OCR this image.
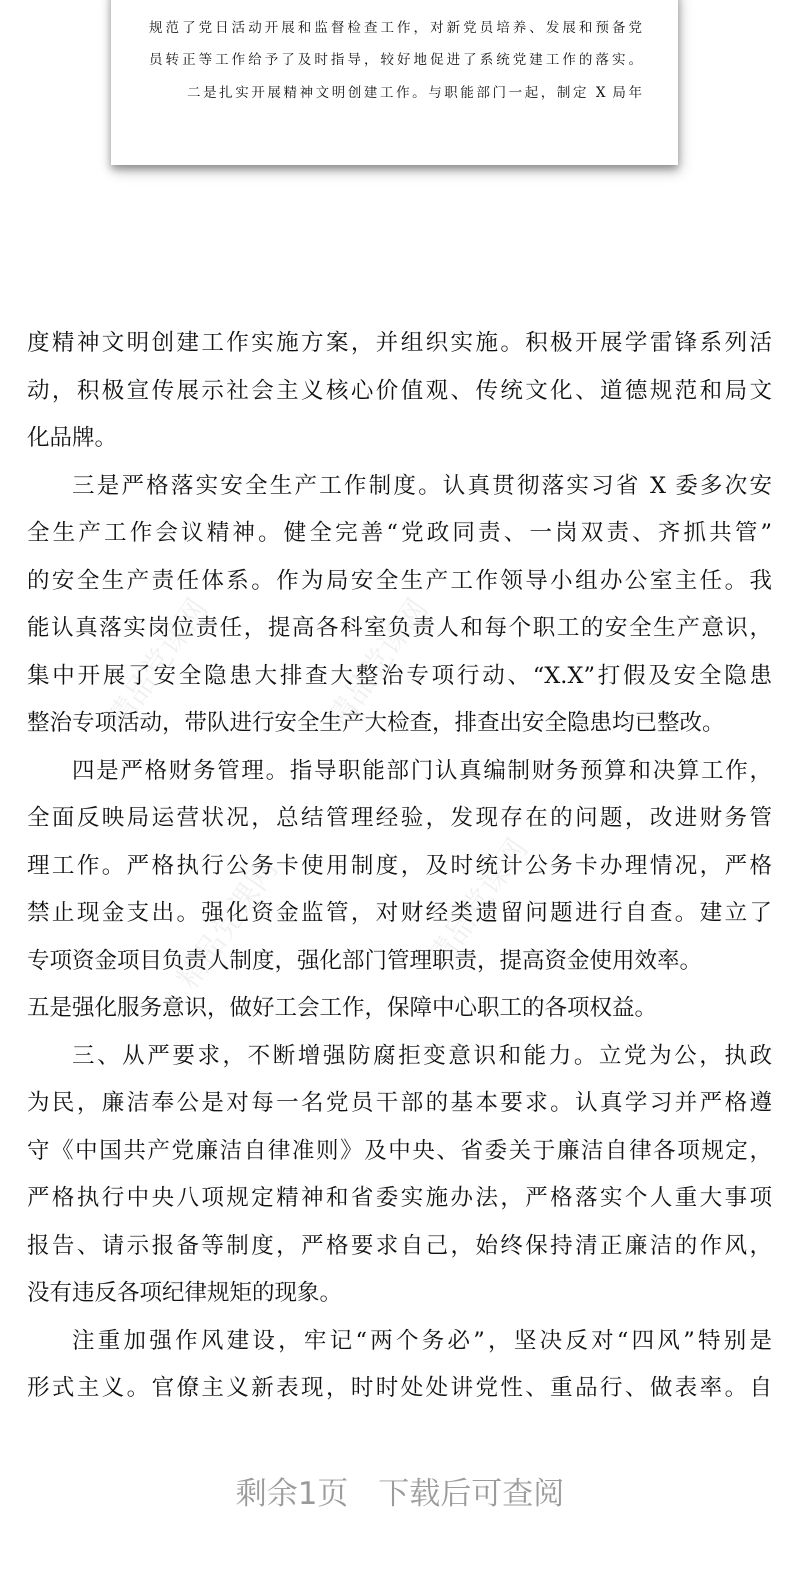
规范了党日活动开展和监督检查工作，对新党员培养、发展和预备党
员转正等工作给予了及时指导，较好地促进了系统党建工作的落实。
二是扎实开展精神文明创建工作。与职能部门一起，制定 X 局年
精品党课网	精品党课网
精品党课网	精品党课网
度精神文明创建工作实施方案，并组织实施。积极开展学雷锋系列活
动，积极宣传展示社会主义核心价值观、传统文化、道德规范和局文
化品牌。
三是严格落实安全生产工作制度。认真贯彻落实习省 X 委多次安
全生产工作会议精神。健全完善“党政同责、一岗双责、齐抓共管”
的安全生产责任体系。作为局安全生产工作领导小组办公室主任。我
能认真落实岗位责任，提高各科室负责人和每个职工的安全生产意识，
集中开展了安全隐患大排查大整治专项行动、“X.X”打假及安全隐患
整治专项活动，带队进行安全生产大检查，排查出安全隐患均已整改。
四是严格财务管理。指导职能部门认真编制财务预算和决算工作，
全面反映局运营状况，总结管理经验，发现存在的问题，改进财务管
理工作。严格执行公务卡使用制度，及时统计公务卡办理情况，严格
禁止现金支出。强化资金监管，对财经类遗留问题进行自查。建立了
专项资金项目负责人制度，强化部门管理职责，提高资金使用效率。
五是强化服务意识，做好工会工作，保障中心职工的各项权益。
三、从严要求，不断增强防腐拒变意识和能力。立党为公，执政
为民，廉洁奉公是对每一名党员干部的基本要求。认真学习并严格遵
守《中国共产党廉洁自律准则》及中央、省委关于廉洁自律各项规定，
严格执行中央八项规定精神和省委实施办法，严格落实个人重大事项
报告、请示报备等制度，严格要求自己，始终保持清正廉洁的作风，
没有违反各项纪律规矩的现象。
注重加强作风建设，牢记“两个务必”，坚决反对“四风”特别是
形式主义。官僚主义新表现，时时处处讲党性、重品行、做表率。自
剩余1页 下载后可查阅
